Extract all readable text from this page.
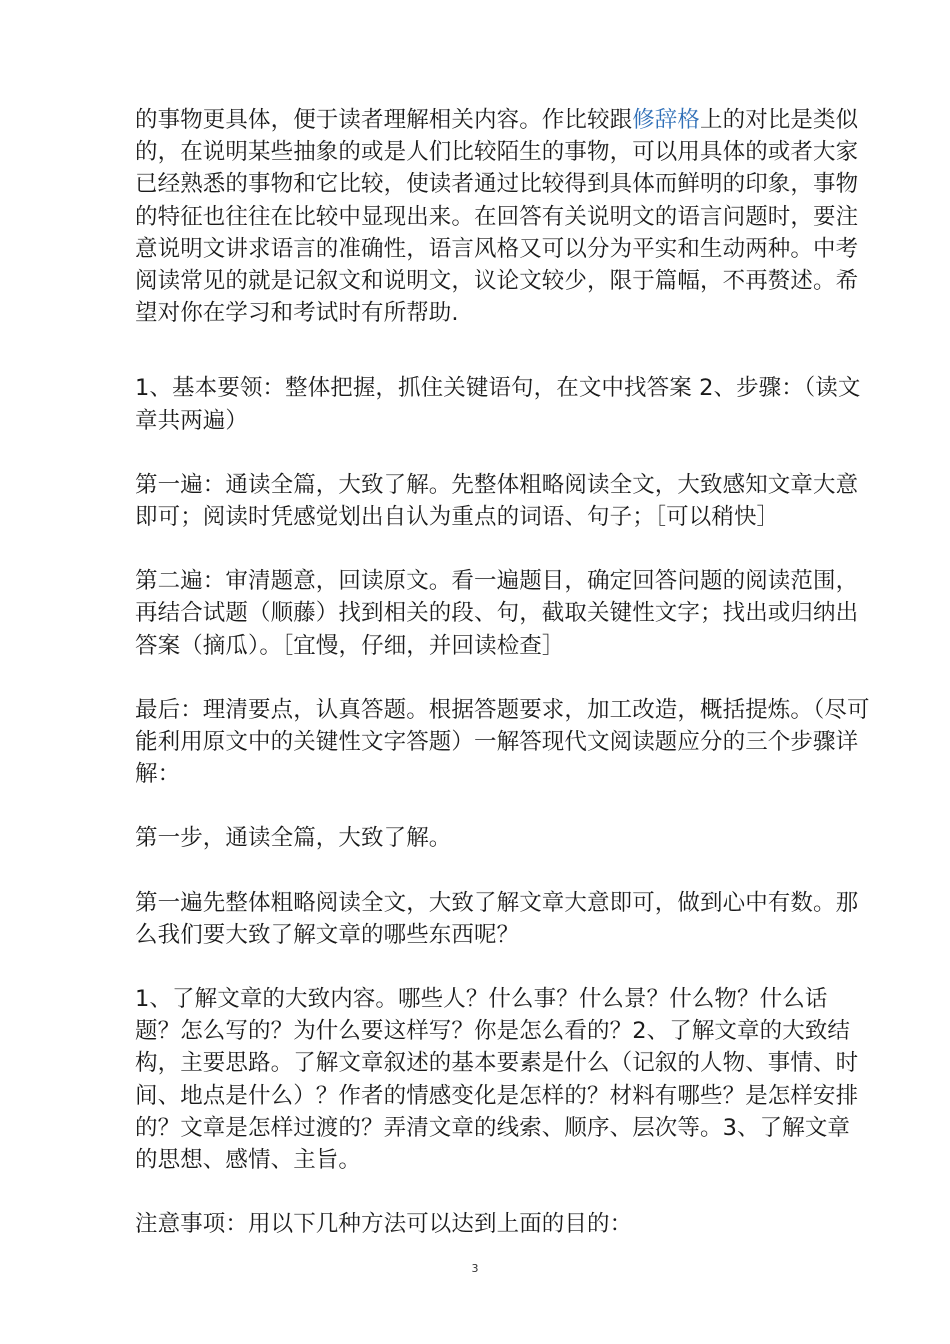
的事物更具体，便于读者理解相关内容。作比较跟修辞格上的对比是类似的，在说明某些抽象的或是人们比较陌生的事物，可以用具体的或者大家已经熟悉的事物和它比较，使读者通过比较得到具体而鲜明的印象，事物的特征也往往在比较中显现出来。在回答有关说明文的语言问题时，要注意说明文讲求语言的准确性，语言风格又可以分为平实和生动两种。中考阅读常见的就是记叙文和说明文，议论文较少，限于篇幅，不再赘述。希望对你在学习和考试时有所帮助.

1、基本要领：整体把握，抓住关键语句，在文中找答案 2、步骤：（读文章共两遍）

第一遍：通读全篇，大致了解。先整体粗略阅读全文，大致感知文章大意即可；阅读时凭感觉划出自认为重点的词语、句子；［可以稍快］

第二遍：审清题意，回读原文。看一遍题目，确定回答问题的阅读范围，再结合试题（顺藤）找到相关的段、句，截取关键性文字；找出或归纳出答案（摘瓜）。［宜慢，仔细，并回读检查］

最后：理清要点，认真答题。根据答题要求，加工改造，概括提炼。（尽可能利用原文中的关键性文字答题）一解答现代文阅读题应分的三个步骤详解：

第一步，通读全篇，大致了解。

第一遍先整体粗略阅读全文，大致了解文章大意即可，做到心中有数。那么我们要大致了解文章的哪些东西呢？

1、了解文章的大致内容。哪些人？什么事？什么景？什么物？什么话题？怎么写的？为什么要这样写？你是怎么看的？2、了解文章的大致结构，主要思路。了解文章叙述的基本要素是什么（记叙的人物、事情、时间、地点是什么）？作者的情感变化是怎样的？材料有哪些？是怎样安排的？文章是怎样过渡的？弄清文章的线索、顺序、层次等。3、了解文章的思想、感情、主旨。

注意事项：用以下几种方法可以达到上面的目的：

3
